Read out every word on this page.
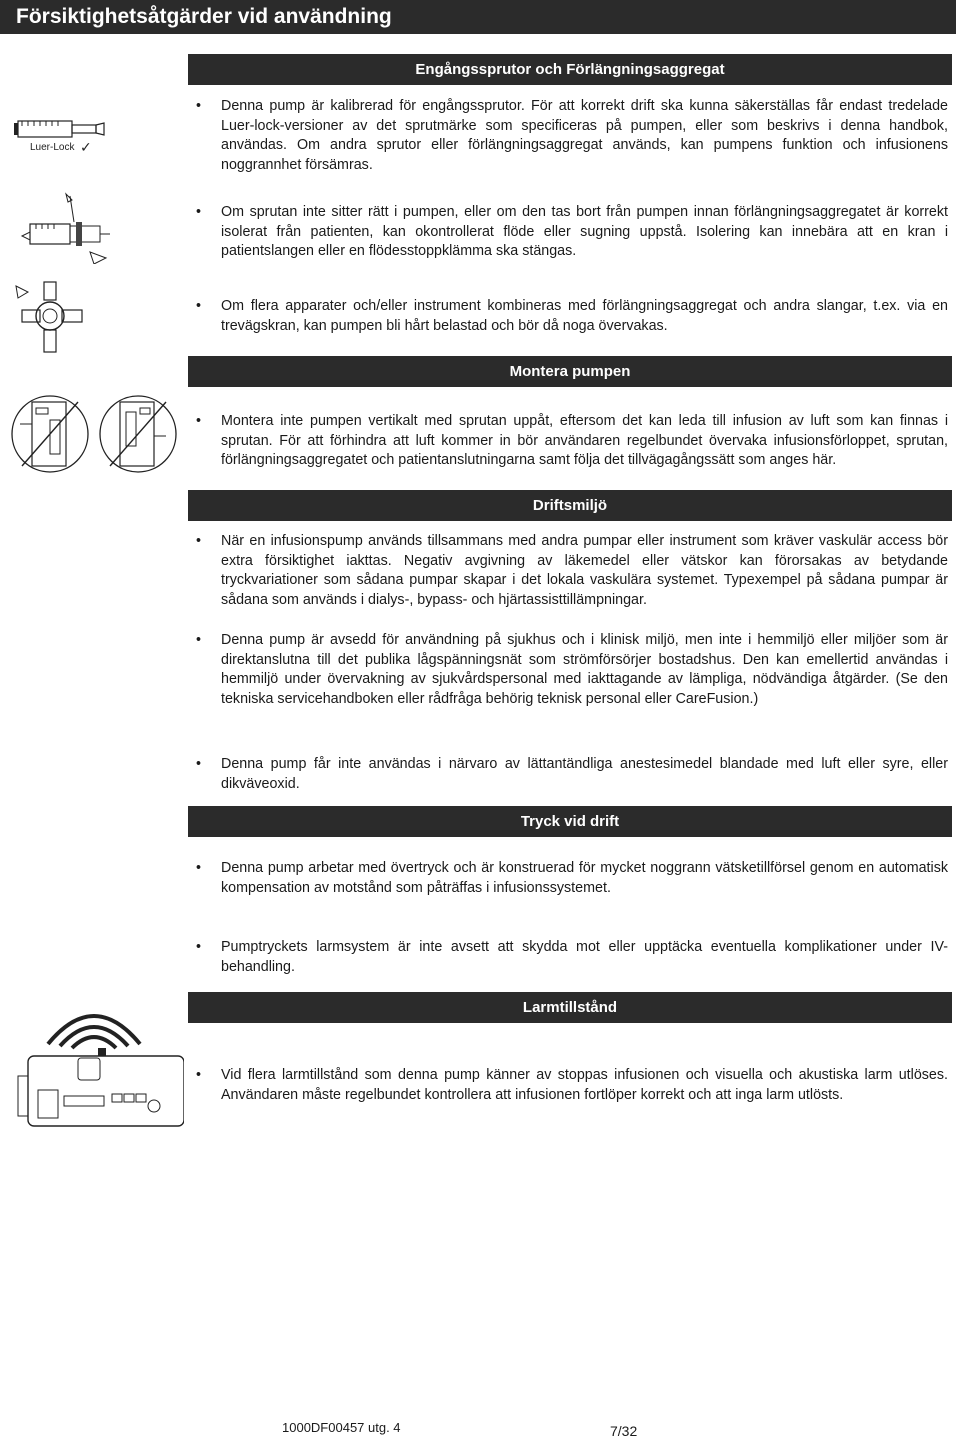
Försiktighetsåtgärder vid användning
Engångssprutor och Förlängningsaggregat
Luer-Lock ✓
• Denna pump är kalibrerad för engångssprutor. För att korrekt drift ska kunna säkerställas får endast tredelade Luer-lock-versioner av det sprutmärke som specificeras på pumpen, eller som beskrivs i denna handbok, användas. Om andra sprutor eller förlängningsaggregat används, kan pumpens funktion och infusionens noggrannhet försämras.
• Om sprutan inte sitter rätt i pumpen, eller om den tas bort från pumpen innan förlängningsaggregatet är korrekt isolerat från patienten, kan okontrollerat flöde eller sugning uppstå. Isolering kan innebära att en kran i patientslangen eller en flödesstoppklämma ska stängas.
• Om flera apparater och/eller instrument kombineras med förlängningsaggregat och andra slangar, t.ex. via en trevägskran, kan pumpen bli hårt belastad och bör då noga övervakas.
Montera pumpen
• Montera inte pumpen vertikalt med sprutan uppåt, eftersom det kan leda till infusion av luft som kan finnas i sprutan. För att förhindra att luft kommer in bör användaren regelbundet övervaka infusionsförloppet, sprutan, förlängningsaggregatet och patientanslutningarna samt följa det tillvägagångssätt som anges här.
Driftsmiljö
• När en infusionspump används tillsammans med andra pumpar eller instrument som kräver vaskulär access bör extra försiktighet iakttas. Negativ avgivning av läkemedel eller vätskor kan förorsakas av betydande tryckvariationer som sådana pumpar skapar i det lokala vaskulära systemet. Typexempel på sådana pumpar är sådana som används i dialys-, bypass- och hjärtassisttillämpningar.
• Denna pump är avsedd för användning på sjukhus och i klinisk miljö, men inte i hemmiljö eller miljöer som är direktanslutna till det publika lågspänningsnät som strömförsörjer bostadshus. Den kan emellertid användas i hemmiljö under övervakning av sjukvårdspersonal med iakttagande av lämpliga, nödvändiga åtgärder. (Se den tekniska servicehandboken eller rådfråga behörig teknisk personal eller CareFusion.)
• Denna pump får inte användas i närvaro av lättantändliga anestesimedel blandade med luft eller syre, eller dikväveoxid.
Tryck vid drift
• Denna pump arbetar med övertryck och är konstruerad för mycket noggrann vätsketillförsel genom en automatisk kompensation av motstånd som påträffas i infusionssystemet.
• Pumptryckets larmsystem är inte avsett att skydda mot eller upptäcka eventuella komplikationer under IV-behandling.
Larmtillstånd
• Vid flera larmtillstånd som denna pump känner av stoppas infusionen och visuella och akustiska larm utlöses. Användaren måste regelbundet kontrollera att infusionen fortlöper korrekt och att inga larm utlösts.
1000DF00457 utg. 4	7/32
